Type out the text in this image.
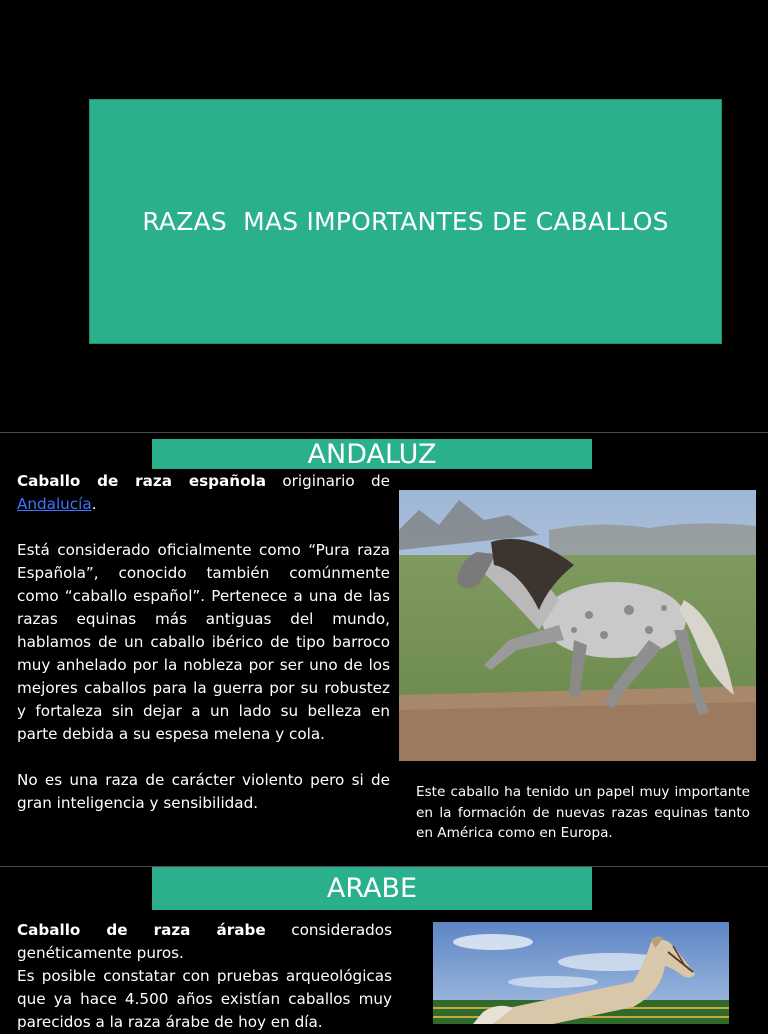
RAZAS  MAS IMPORTANTES DE CABALLOS
ANDALUZ

Caballo de raza española originario de Andalucía.

Está considerado oficialmente como “Pura raza Española”, conocido también comúnmente como “caballo español”. Pertenece a una de las razas equinas más antiguas del mundo, hablamos de un caballo ibérico de tipo barroco muy anhelado por la nobleza por ser uno de los mejores caballos para la guerra por su robustez y fortaleza sin dejar a un lado su belleza en parte debida a su espesa melena y cola.

No es una raza de carácter violento pero si de gran inteligencia y sensibilidad.

Este caballo ha tenido un papel muy importante en la formación de nuevas razas equinas tanto en América como en Europa.
ARABE
Caballo de raza árabe considerados genéticamente puros.
Es posible constatar con pruebas arqueológicas que ya hace 4.500 años existían caballos muy parecidos a la raza árabe de hoy en día.
